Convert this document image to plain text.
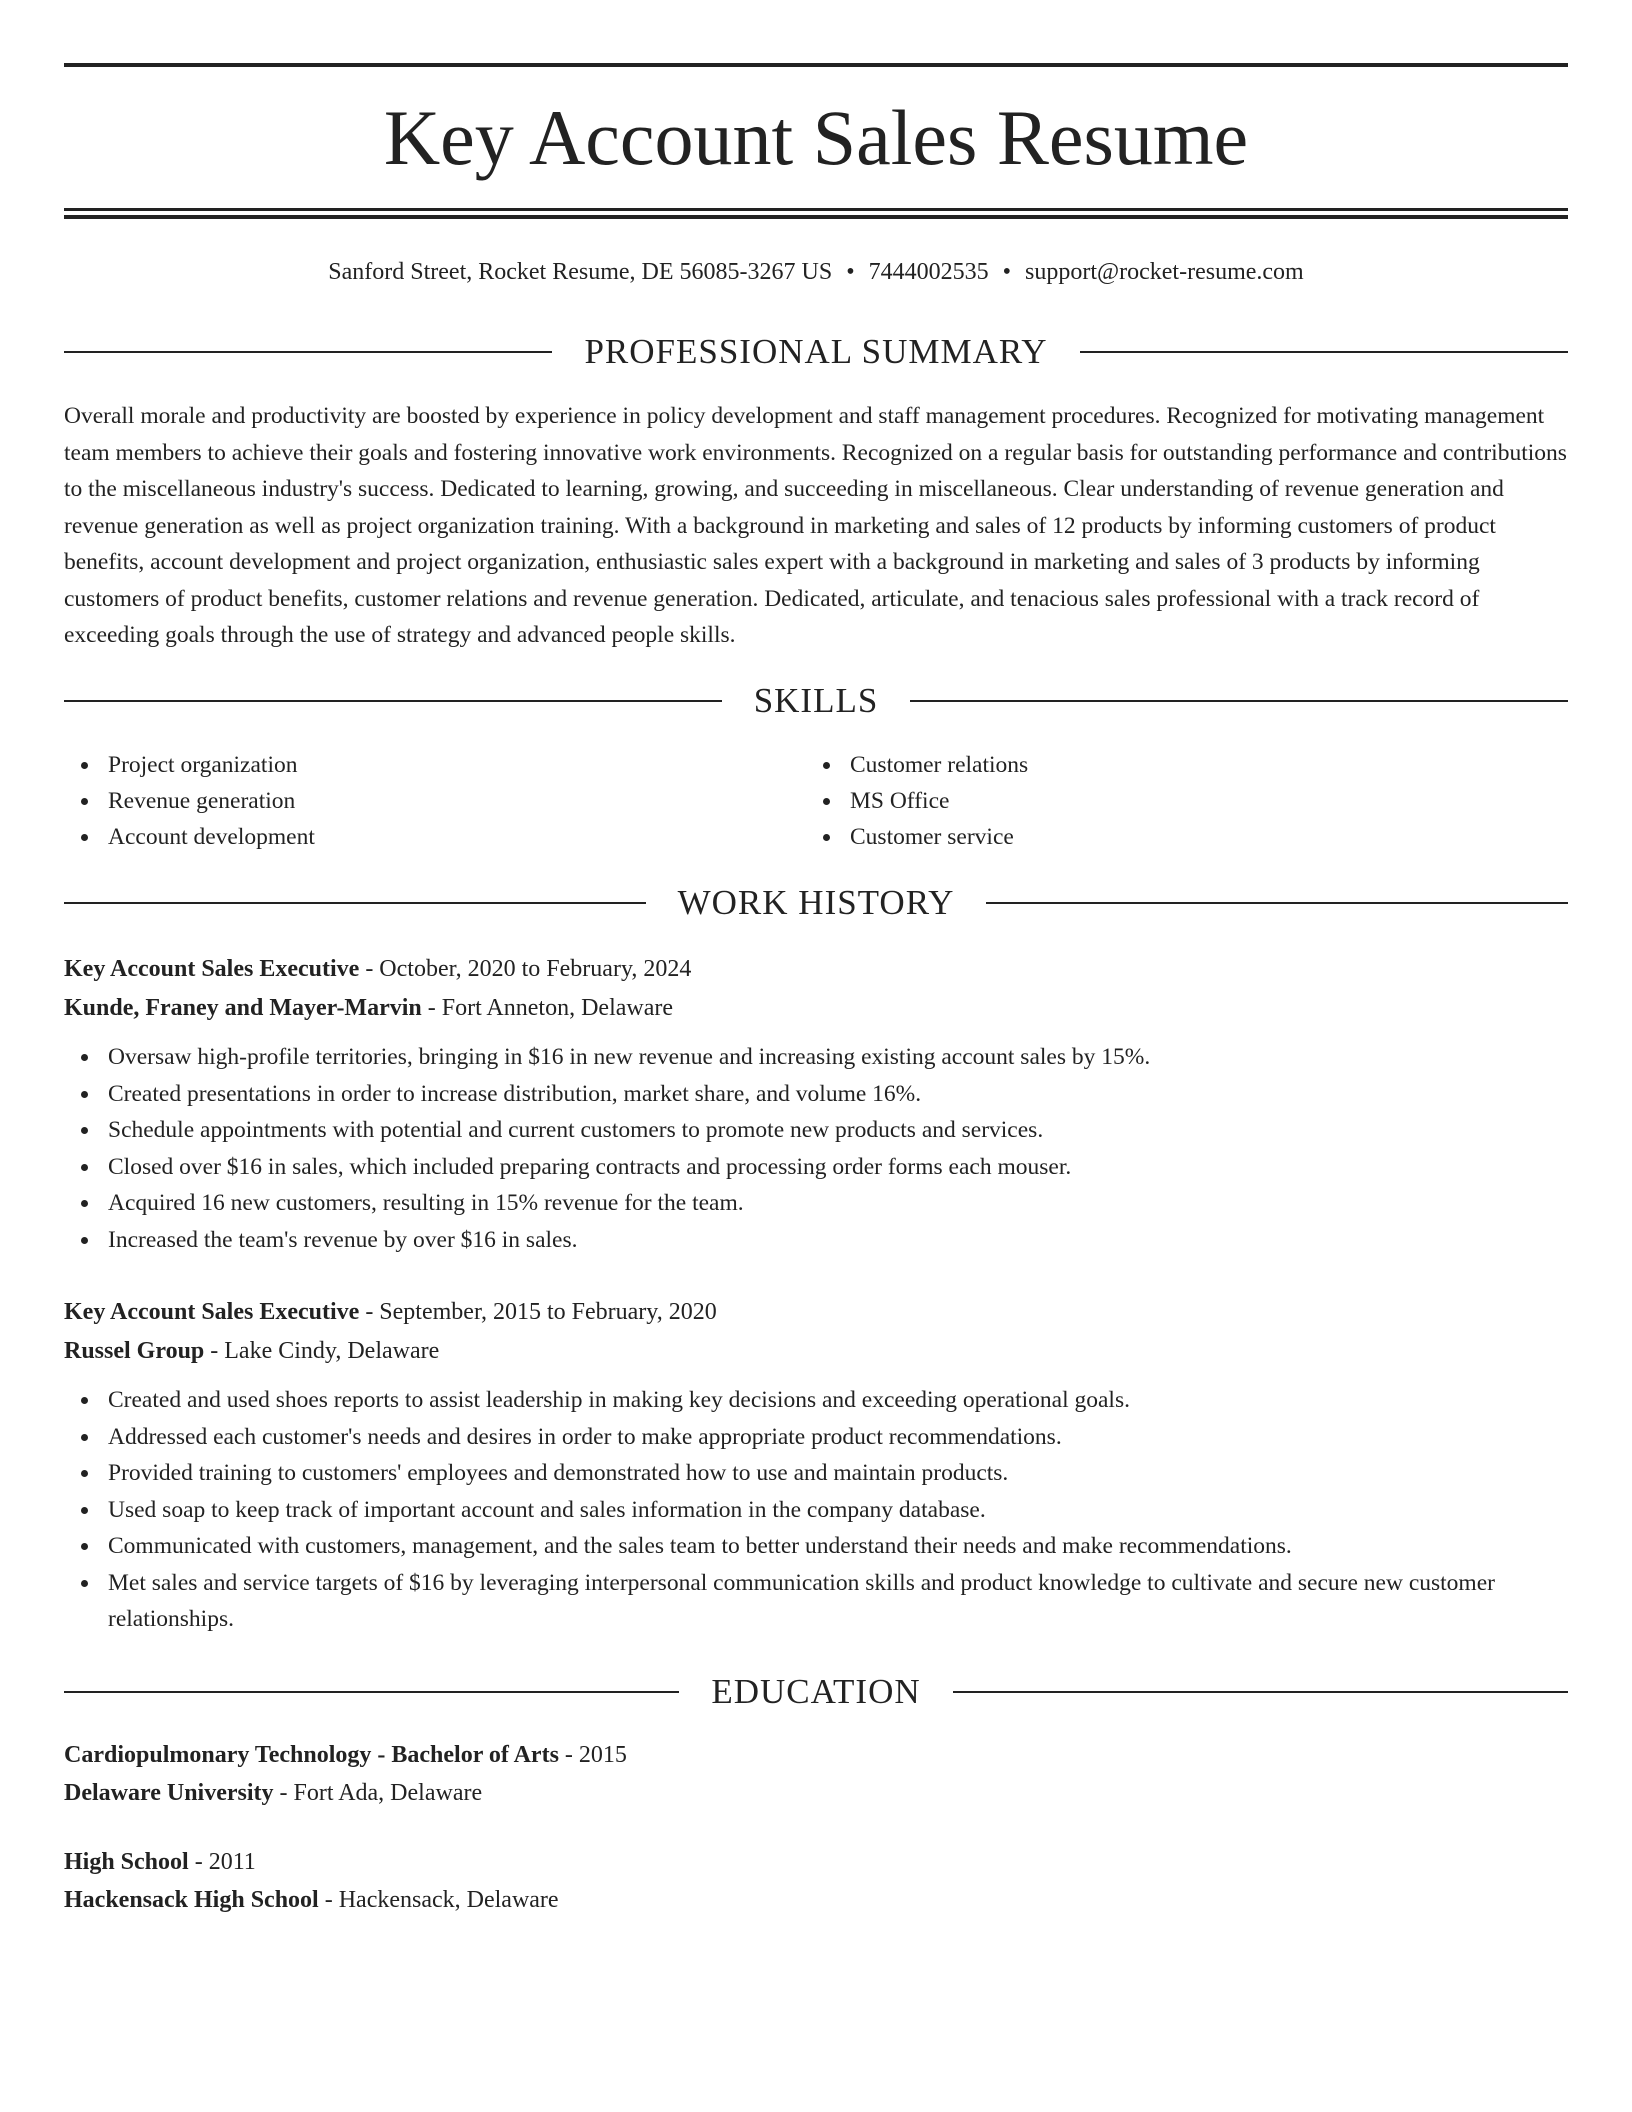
Key Account Sales Resume
Sanford Street, Rocket Resume, DE 56085-3267 US • 7444002535 • support@rocket-resume.com
PROFESSIONAL SUMMARY

Overall morale and productivity are boosted by experience in policy development and staff management procedures. Recognized for motivating management team members to achieve their goals and fostering innovative work environments. Recognized on a regular basis for outstanding performance and contributions to the miscellaneous industry's success. Dedicated to learning, growing, and succeeding in miscellaneous. Clear understanding of revenue generation and revenue generation as well as project organization training. With a background in marketing and sales of 12 products by informing customers of product benefits, account development and project organization, enthusiastic sales expert with a background in marketing and sales of 3 products by informing customers of product benefits, customer relations and revenue generation. Dedicated, articulate, and tenacious sales professional with a track record of exceeding goals through the use of strategy and advanced people skills.

SKILLS
Project organization
Revenue generation
Account development
Customer relations
MS Office
Customer service
WORK HISTORY
Key Account Sales Executive - October, 2020 to February, 2024
Kunde, Franey and Mayer-Marvin - Fort Anneton, Delaware
Oversaw high-profile territories, bringing in $16 in new revenue and increasing existing account sales by 15%.
Created presentations in order to increase distribution, market share, and volume 16%.
Schedule appointments with potential and current customers to promote new products and services.
Closed over $16 in sales, which included preparing contracts and processing order forms each mouser.
Acquired 16 new customers, resulting in 15% revenue for the team.
Increased the team's revenue by over $16 in sales.
Key Account Sales Executive - September, 2015 to February, 2020
Russel Group - Lake Cindy, Delaware
Created and used shoes reports to assist leadership in making key decisions and exceeding operational goals.
Addressed each customer's needs and desires in order to make appropriate product recommendations.
Provided training to customers' employees and demonstrated how to use and maintain products.
Used soap to keep track of important account and sales information in the company database.
Communicated with customers, management, and the sales team to better understand their needs and make recommendations.
Met sales and service targets of $16 by leveraging interpersonal communication skills and product knowledge to cultivate and secure new customer relationships.
EDUCATION
Cardiopulmonary Technology - Bachelor of Arts - 2015
Delaware University - Fort Ada, Delaware
High School - 2011
Hackensack High School - Hackensack, Delaware
